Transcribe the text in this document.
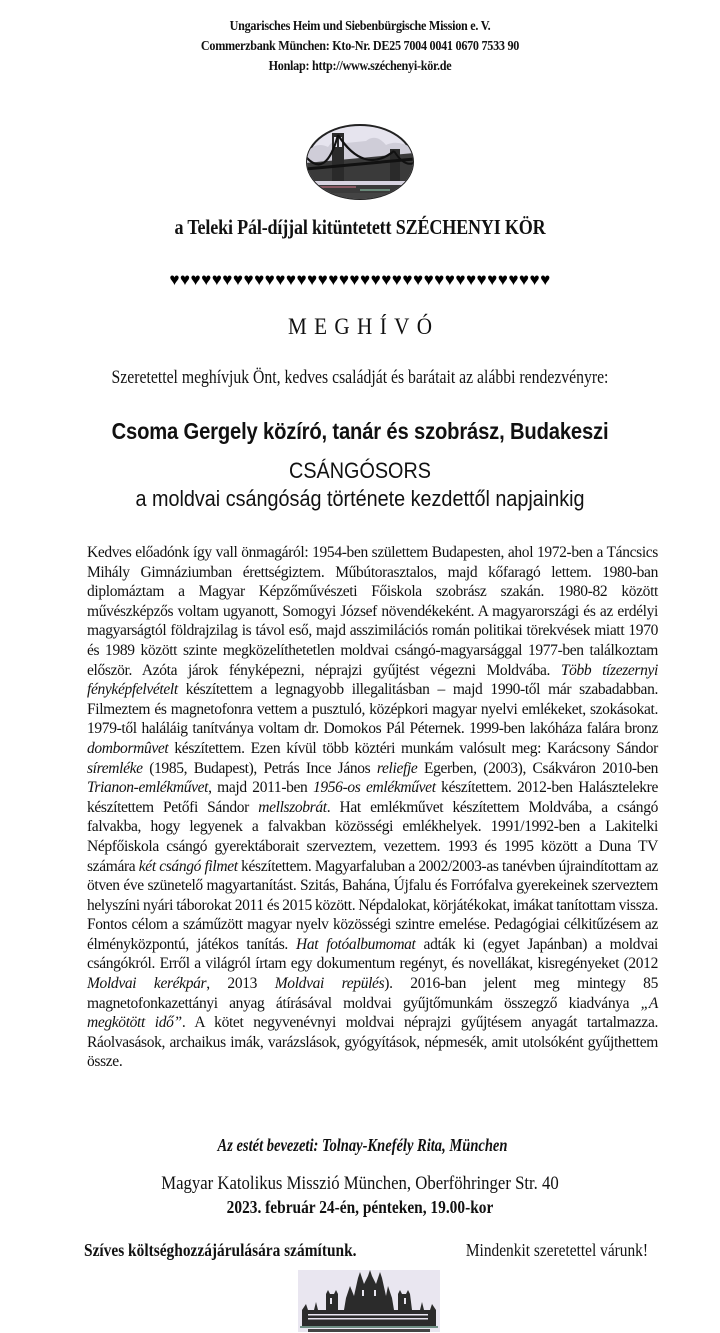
Ungarisches Heim und Siebenbürgische Mission e. V.
Commerzbank München: Kto-Nr. DE25 7004 0041 0670 7533 90
Honlap: http://www.széchenyi-kör.de
a Teleki Pál-díjjal kitüntetett SZÉCHENYI KÖR
♥♥♥♥♥♥♥♥♥♥♥♥♥♥♥♥♥♥♥♥♥♥♥♥♥♥♥♥♥♥♥♥♥♥♥♥
MEGHÍVÓ
Szeretettel meghívjuk Önt, kedves családját és barátait az alábbi rendezvényre:
Csoma Gergely közíró, tanár és szobrász, Budakeszi
CSÁNGÓSORS
a moldvai csángóság története kezdettől napjainkig
Kedves előadónk így vall önmagáról: 1954-ben születtem Budapesten, ahol 1972-ben a Táncsics Mihály Gimnáziumban érettségiztem. Műbútorasztalos, majd kőfaragó lettem. 1980-ban diplomáztam a Magyar Képzőművészeti Főiskola szobrász szakán. 1980-82 között művészképzős voltam ugyanott, Somogyi József növendékeként. A magyarországi és az erdélyi magyarságtól földrajzilag is távol eső, majd asszimilációs román politikai törekvések miatt 1970 és 1989 között szinte megközelíthetetlen moldvai csángó-magyarsággal 1977-ben találkoztam először. Azóta járok fényképezni, néprajzi gyűjtést végezni Moldvába. Több tízezernyi fényképfelvételt készítettem a legnagyobb illegalitásban – majd 1990-től már szabadabban. Filmeztem és magnetofonra vettem a pusztuló, középkori magyar nyelvi emlékeket, szokásokat. 1979-től haláláig tanítványa voltam dr. Domokos Pál Péternek. 1999-ben lakóháza falára bronz dombormûvet készítettem. Ezen kívül több köztéri munkám valósult meg: Karácsony Sándor síremléke (1985, Budapest), Petrás Ince János reliefje Egerben, (2003), Csákváron 2010-ben Trianon-emlékművet, majd 2011-ben 1956-os emlékművet készítettem. 2012-ben Halásztelekre készítettem Petőfi Sándor mellszobrát. Hat emlékművet készítettem Moldvába, a csángó falvakba, hogy legyenek a falvakban közösségi emlékhelyek. 1991/1992-ben a Lakitelki Népfőiskola csángó gyerektáborait szerveztem, vezettem. 1993 és 1995 között a Duna TV számára két csángó filmet készítettem. Magyarfaluban a 2002/2003-as tanévben újraindítottam az ötven éve szünetelő magyartanítást. Szitás, Bahána, Újfalu és Forrófalva gyerekeinek szerveztem helyszíni nyári táborokat 2011 és 2015 között. Népdalokat, körjátékokat, imákat tanítottam vissza. Fontos célom a száműzött magyar nyelv közösségi szintre emelése. Pedagógiai célkitűzésem az élményközpontú, játékos tanítás. Hat fotóalbumomat adták ki (egyet Japánban) a moldvai csángókról. Erről a világról írtam egy dokumentum regényt, és novellákat, kisregényeket (2012 Moldvai kerékpár, 2013 Moldvai repülés). 2016-ban jelent meg mintegy 85 magnetofonkazettányi anyag átírásával moldvai gyűjtőmunkám összegző kiadványa „A megkötött idő”. A kötet negyvenévnyi moldvai néprajzi gyűjtésem anyagát tartalmazza. Ráolvasások, archaikus imák, varázslások, gyógyítások, népmesék, amit utolsóként gyűjthettem össze.
Az estét bevezeti: Tolnay-Knefély Rita, München
Magyar Katolikus Misszió München, Oberföhringer Str. 40
2023. február 24-én, pénteken, 19.00-kor
Szíves költséghozzájárulására számítunk.	Mindenkit szeretettel várunk!
